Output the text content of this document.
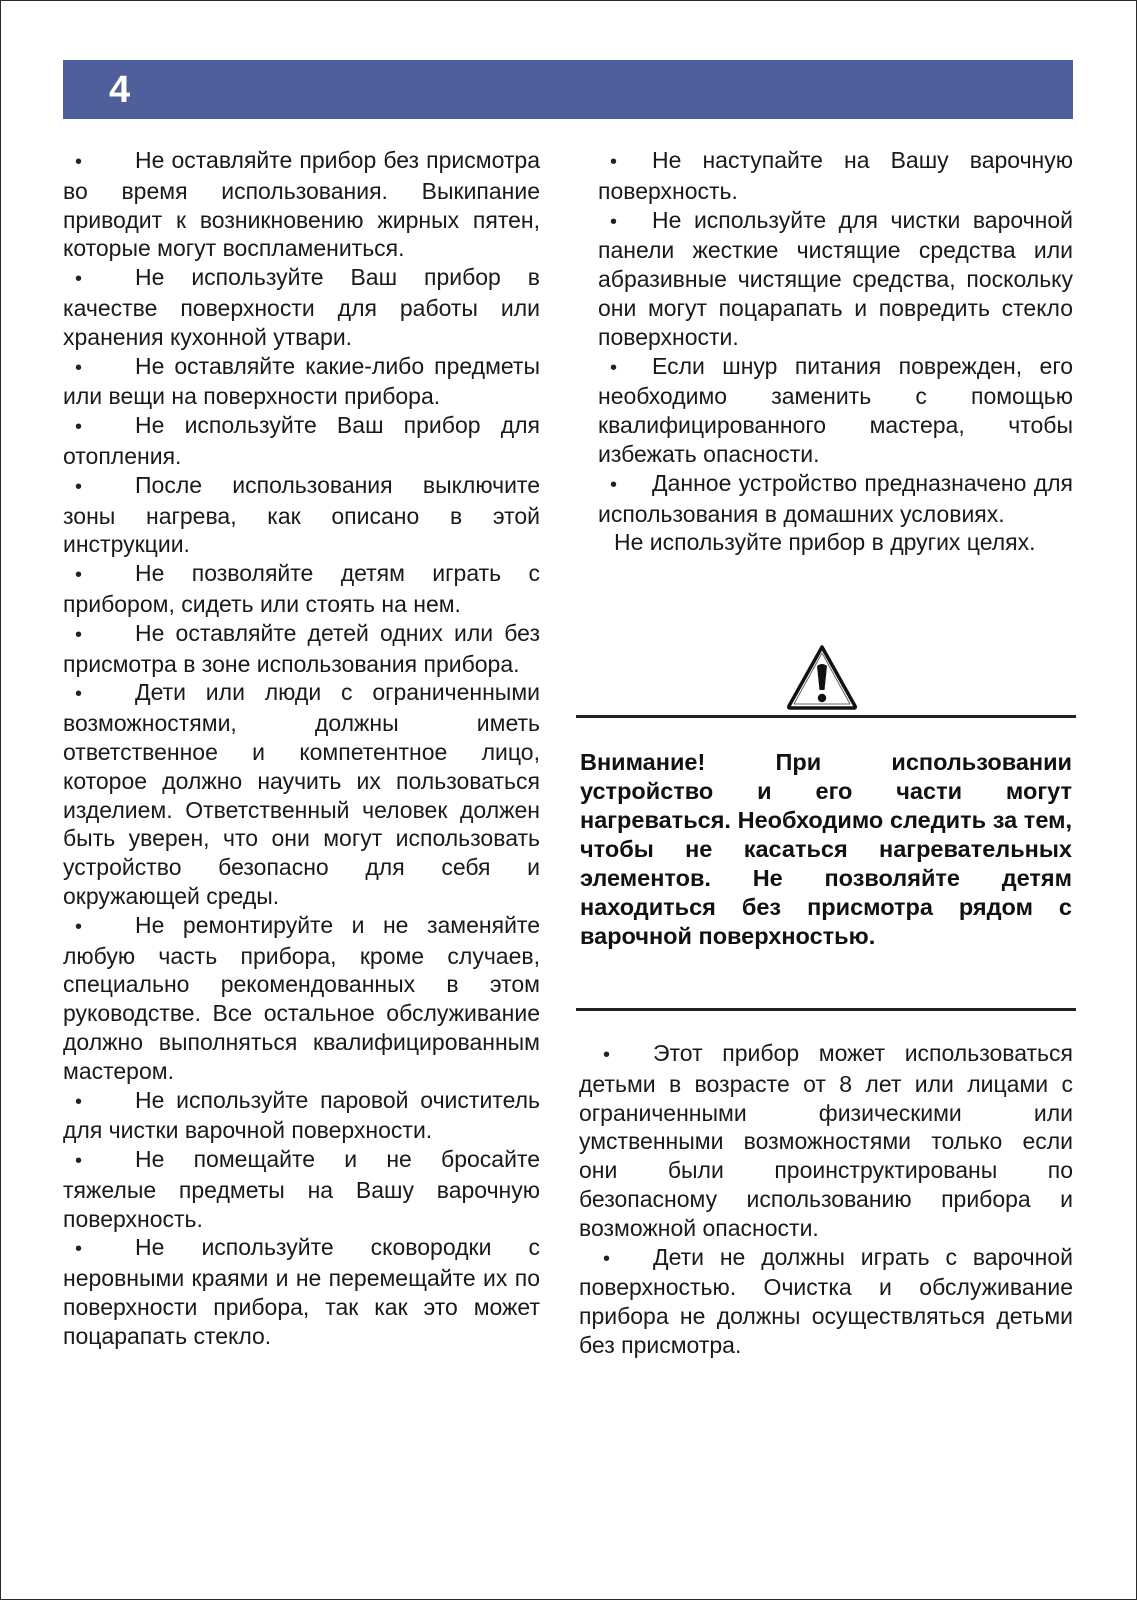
4

• Не оставляйте прибор без присмотра во время использования. Выкипание приводит к возникновению жирных пятен, которые могут воспламениться.

• Не используйте Ваш прибор в качестве поверхности для работы или хранения кухонной утвари.

• Не оставляйте какие-либо предметы или вещи на поверхности прибора.

• Не используйте Ваш прибор для отопления.

• После использования выключите зоны нагрева, как описано в этой инструкции.

• Не позволяйте детям играть с прибором, сидеть или стоять на нем.

• Не оставляйте детей одних или без присмотра в зоне использования прибора.

• Дети или люди с ограниченными возможностями, должны иметь ответственное и компетентное лицо, которое должно научить их пользоваться изделием. Ответственный человек должен быть уверен, что они могут использовать устройство безопасно для себя и окружающей среды.

• Не ремонтируйте и не заменяйте любую часть прибора, кроме случаев, специально рекомендованных в этом руководстве. Все остальное обслуживание должно выполняться квалифицированным мастером.

• Не используйте паровой очиститель для чистки варочной поверхности.

• Не помещайте и не бросайте тяжелые предметы на Вашу варочную поверхность.

• Не используйте сковородки с неровными краями и не перемещайте их по поверхности прибора, так как это может поцарапать стекло.

• Не наступайте на Вашу варочную поверхность.

• Не используйте для чистки варочной панели жесткие чистящие средства или абразивные чистящие средства, поскольку они могут поцарапать и повредить стекло поверхности.

• Если шнур питания поврежден, его необходимо заменить с помощью квалифицированного мастера, чтобы избежать опасности.

• Данное устройство предназначено для использования в домашних условиях.

Не используйте прибор в других целях.

Внимание! При использовании устройство и его части могут нагреваться. Необходимо следить за тем, чтобы не касаться нагревательных элементов. Не позволяйте детям находиться без присмотра рядом с варочной поверхностью.

• Этот прибор может использоваться детьми в возрасте от 8 лет или лицами с ограниченными физическими или умственными возможностями только если они были проинструктированы по безопасному использованию прибора и возможной опасности.

• Дети не должны играть с варочной поверхностью. Очистка и обслуживание прибора не должны осуществляться детьми без присмотра.
